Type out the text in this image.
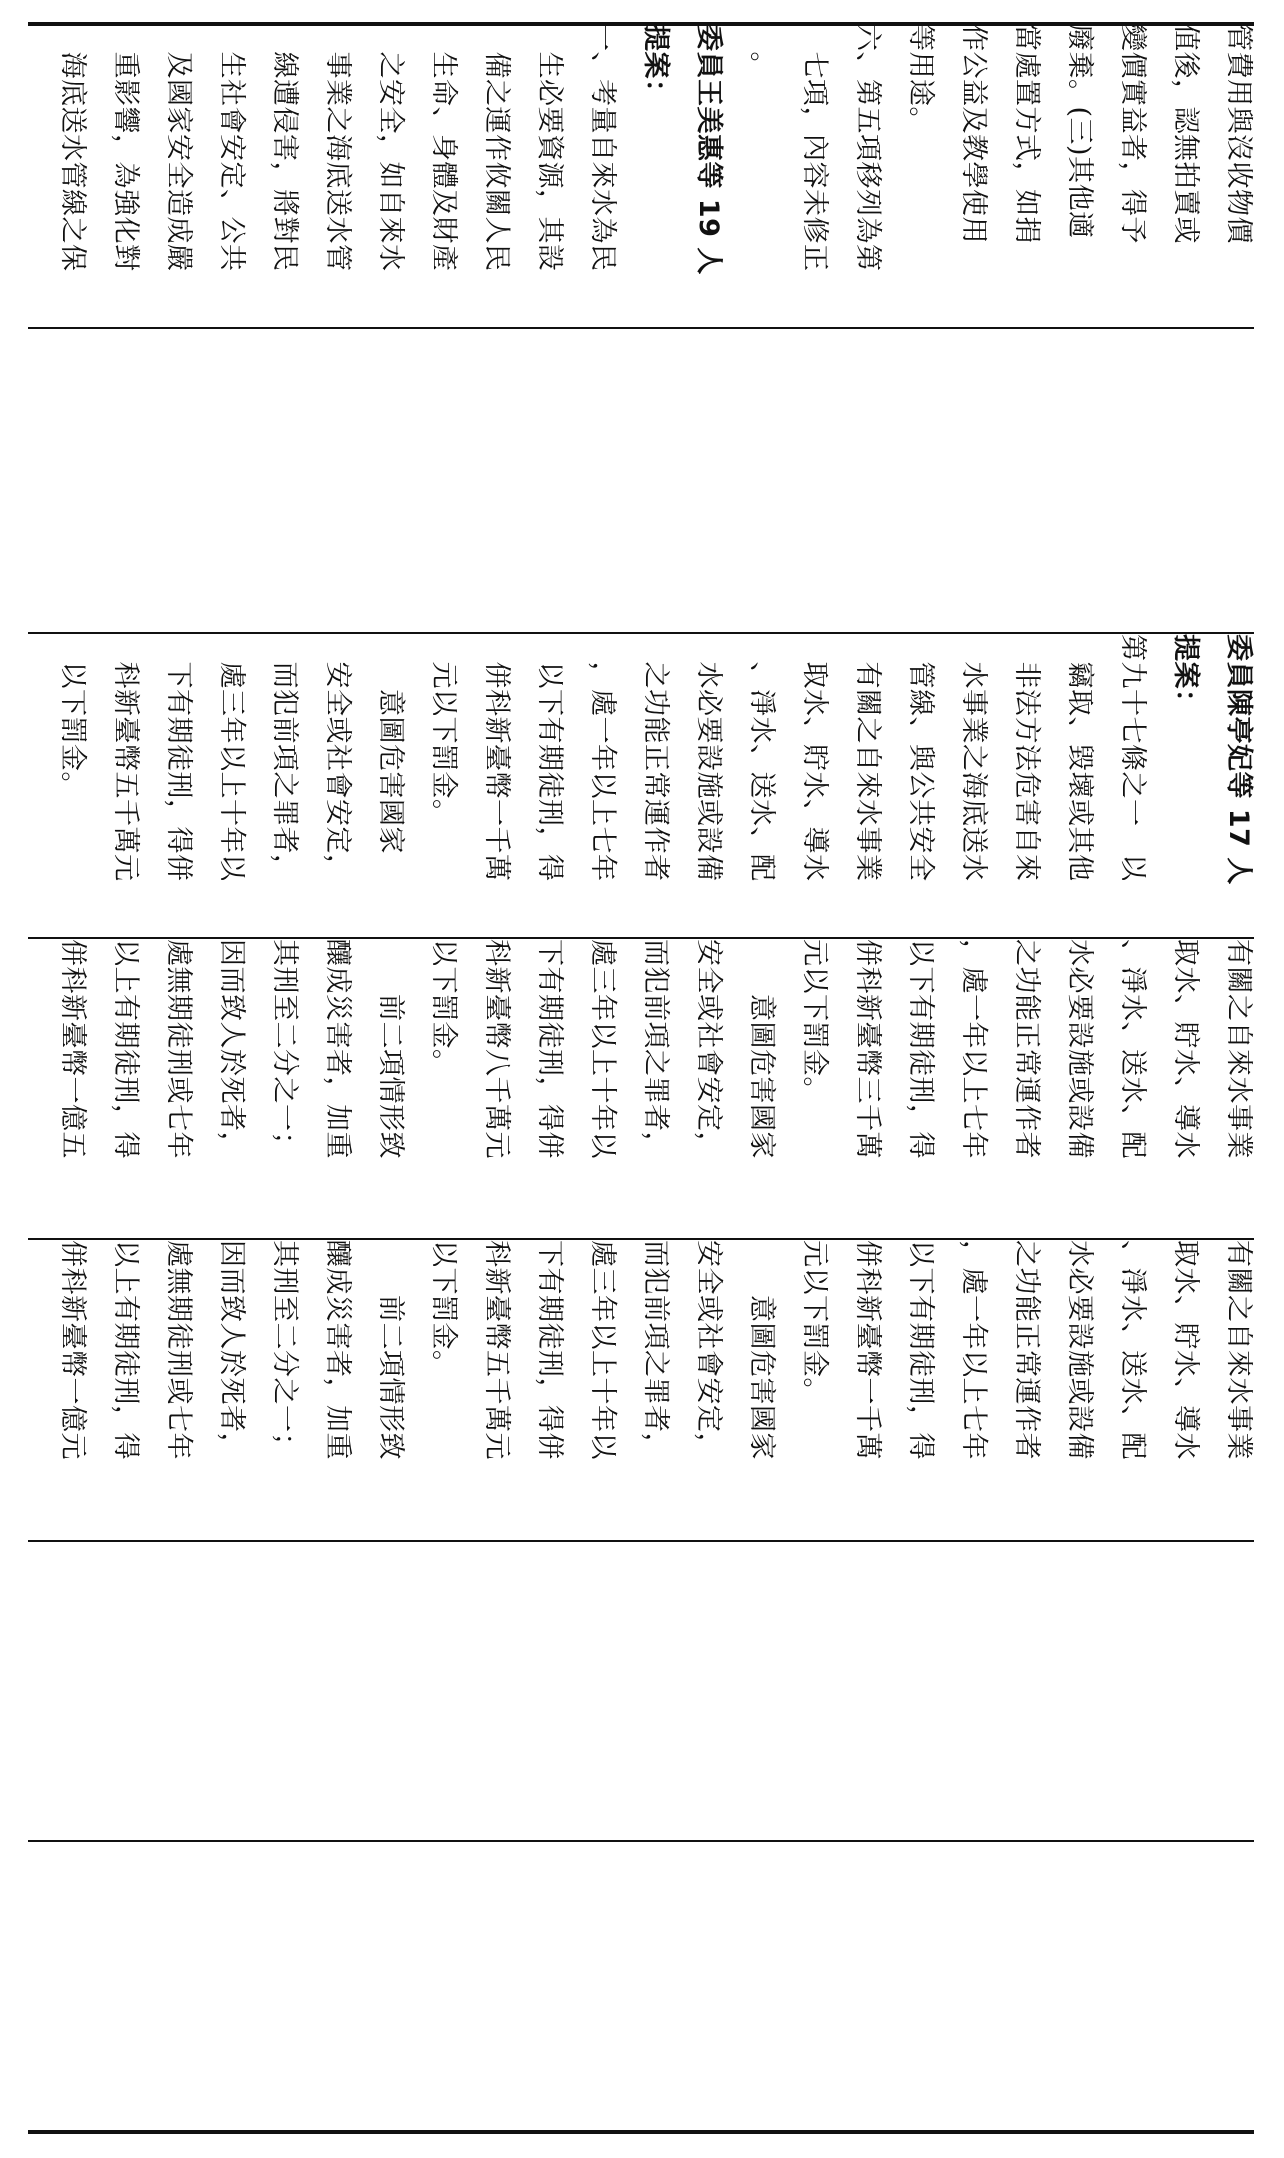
管費用與沒收物價
值後，認無拍賣或
變價實益者，得予
廢棄。(三)其他適
當處置方式，如捐
作公益及教學使用
等用途。
六、第五項移列為第
　七項，內容未修正
　。
委員王美惠等 19 人
提案：
一、考量自來水為民
　生必要資源，其設
　備之運作攸關人民
　生命、身體及財產
　之安全，如自來水
　事業之海底送水管
　線遭侵害，將對民
　生社會安定、公共
　及國家安全造成嚴
　重影響，為強化對
　海底送水管線之保
委員陳亭妃等 17 人
提案：
第九十七條之一　以
　竊取、毀壞或其他
　非法方法危害自來
　水事業之海底送水
　管線、與公共安全
　有關之自來水事業
　取水、貯水、導水
　、淨水、送水、配
　水必要設施或設備
　之功能正常運作者
　，處一年以上七年
　以下有期徒刑，得
　併科新臺幣一千萬
　元以下罰金。
　　意圖危害國家
　安全或社會安定，
　而犯前項之罪者，
　處三年以上十年以
　下有期徒刑，得併
　科新臺幣五千萬元
　以下罰金。
有關之自來水事業
取水、貯水、導水
、淨水、送水、配
水必要設施或設備
之功能正常運作者
，處一年以上七年
以下有期徒刑，得
併科新臺幣三千萬
元以下罰金。
　　意圖危害國家
安全或社會安定，
而犯前項之罪者，
處三年以上十年以
下有期徒刑，得併
科新臺幣八千萬元
以下罰金。
　　前二項情形致
釀成災害者，加重
其刑至二分之一；
因而致人於死者，
處無期徒刑或七年
以上有期徒刑，得
併科新臺幣一億五
有關之自來水事業
取水、貯水、導水
、淨水、送水、配
水必要設施或設備
之功能正常運作者
，處一年以上七年
以下有期徒刑，得
併科新臺幣一千萬
元以下罰金。
　　意圖危害國家
安全或社會安定，
而犯前項之罪者，
處三年以上十年以
下有期徒刑，得併
科新臺幣五千萬元
以下罰金。
　　前二項情形致
釀成災害者，加重
其刑至二分之一；
因而致人於死者，
處無期徒刑或七年
以上有期徒刑，得
併科新臺幣一億元
